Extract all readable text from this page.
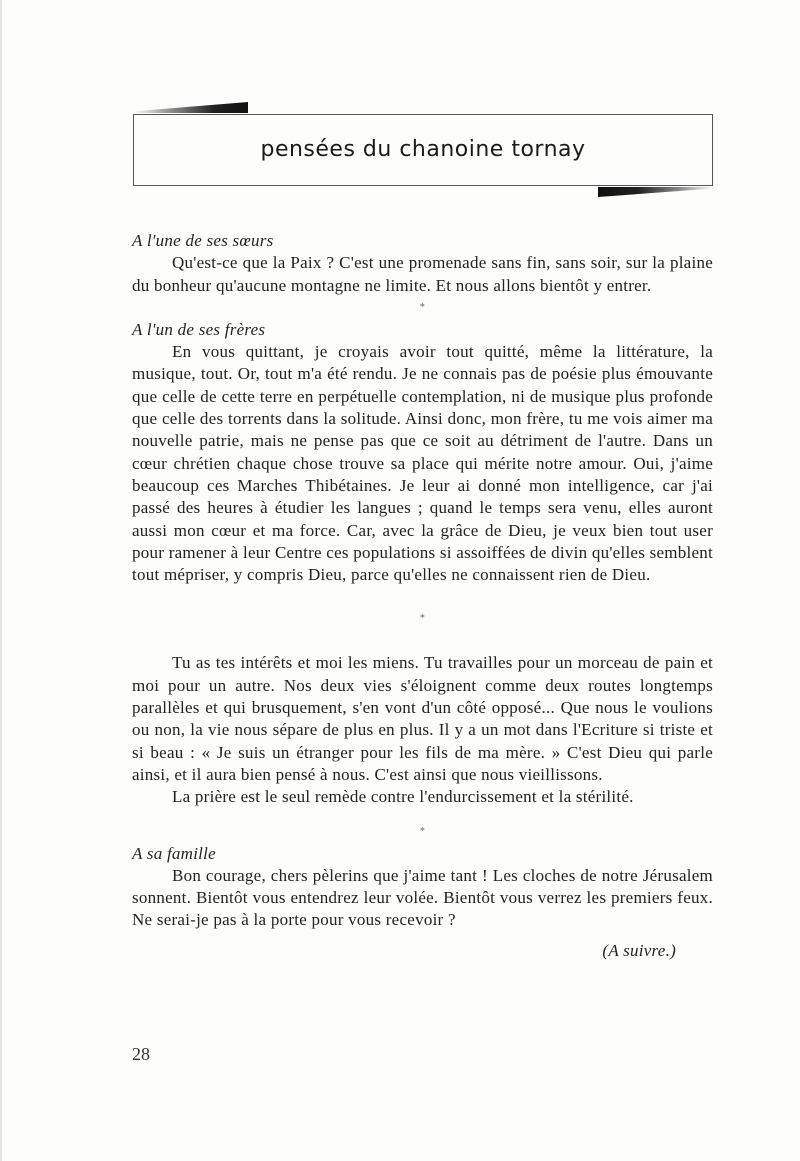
pensées du chanoine tornay
A l'une de ses sœurs

Qu'est-ce que la Paix ? C'est une promenade sans fin, sans soir, sur la plaine du bonheur qu'aucune montagne ne limite. Et nous allons bientôt y entrer.

*
A l'un de ses frères

En vous quittant, je croyais avoir tout quitté, même la littérature, la musique, tout. Or, tout m'a été rendu. Je ne connais pas de poésie plus émouvante que celle de cette terre en perpétuelle contemplation, ni de musique plus profonde que celle des torrents dans la solitude. Ainsi donc, mon frère, tu me vois aimer ma nouvelle patrie, mais ne pense pas que ce soit au détriment de l'autre. Dans un cœur chrétien chaque chose trouve sa place qui mérite notre amour. Oui, j'aime beaucoup ces Marches Thibétaines. Je leur ai donné mon intelligence, car j'ai passé des heures à étudier les langues ; quand le temps sera venu, elles auront aussi mon cœur et ma force. Car, avec la grâce de Dieu, je veux bien tout user pour ramener à leur Centre ces populations si assoiffées de divin qu'elles semblent tout mépriser, y compris Dieu, parce qu'elles ne connaissent rien de Dieu.

*

Tu as tes intérêts et moi les miens. Tu travailles pour un morceau de pain et moi pour un autre. Nos deux vies s'éloignent comme deux routes longtemps parallèles et qui brusquement, s'en vont d'un côté opposé... Que nous le voulions ou non, la vie nous sépare de plus en plus. Il y a un mot dans l'Ecriture si triste et si beau : « Je suis un étranger pour les fils de ma mère. » C'est Dieu qui parle ainsi, et il aura bien pensé à nous. C'est ainsi que nous vieillissons.

La prière est le seul remède contre l'endurcissement et la stérilité.

*
A sa famille

Bon courage, chers pèlerins que j'aime tant ! Les cloches de notre Jérusalem sonnent. Bientôt vous entendrez leur volée. Bientôt vous verrez les premiers feux. Ne serai-je pas à la porte pour vous recevoir ?

(A suivre.)
28
